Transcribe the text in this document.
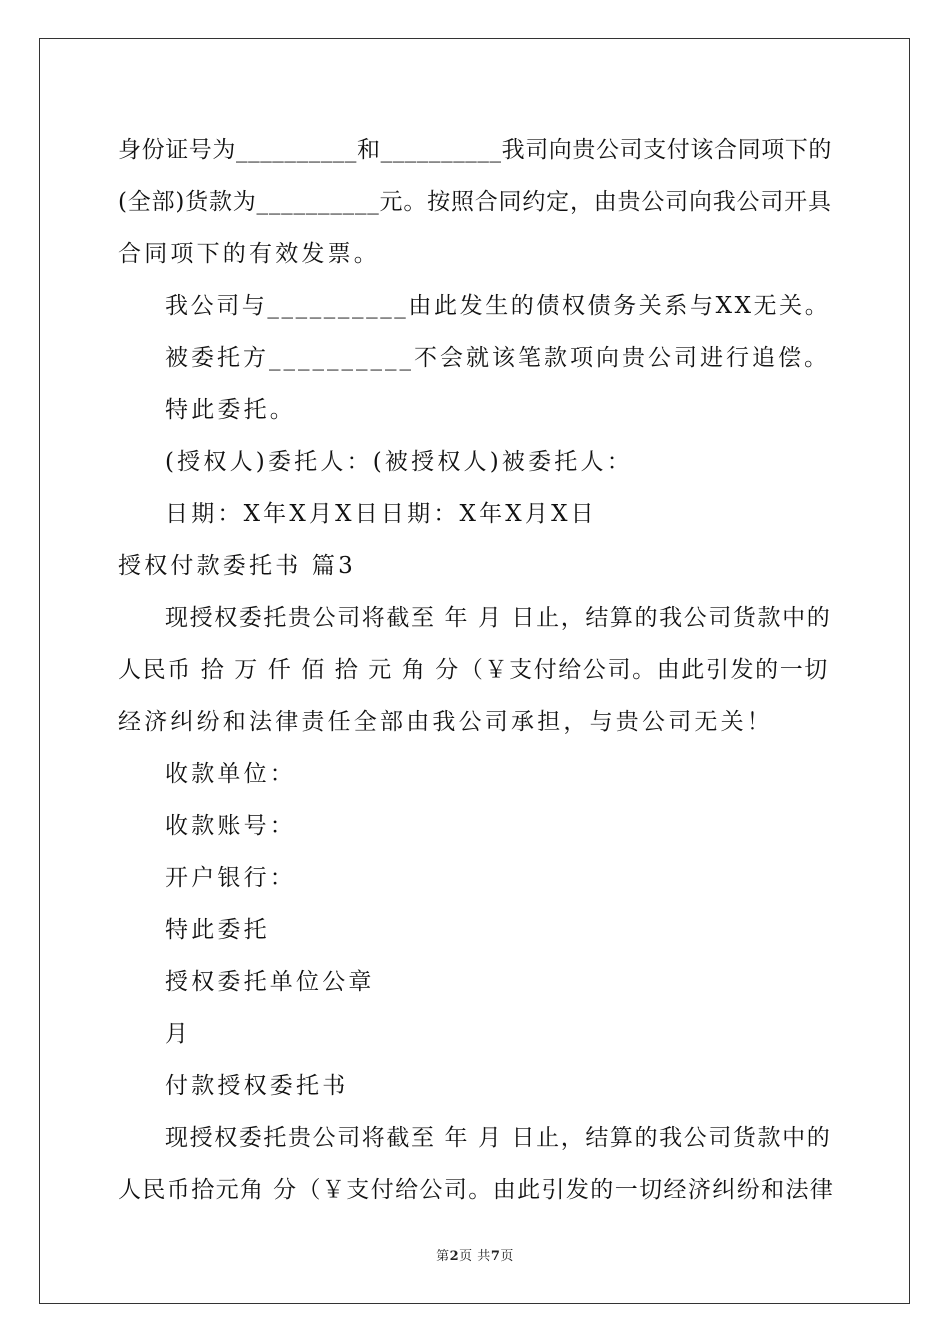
身份证号为__________和__________我司向贵公司支付该合同项下的
(全部)货款为__________元。按照合同约定，由贵公司向我公司开具
合同项下的有效发票。
我公司与__________由此发生的债权债务关系与XX无关。
被委托方__________不会就该笔款项向贵公司进行追偿。
特此委托。
(授权人)委托人：(被授权人)被委托人：
日期：X年X月X日日期：X年X月X日
授权付款委托书 篇3
现授权委托贵公司将截至 年 月 日止，结算的我公司货款中的
人民币 拾 万 仟 佰 拾 元 角 分（￥支付给公司。由此引发的一切
经济纠纷和法律责任全部由我公司承担，与贵公司无关！
收款单位：
收款账号：
开户银行：
特此委托
授权委托单位公章
月
付款授权委托书
现授权委托贵公司将截至 年 月 日止，结算的我公司货款中的
人民币拾元角 分（￥支付给公司。由此引发的一切经济纠纷和法律
第2页 共7页
